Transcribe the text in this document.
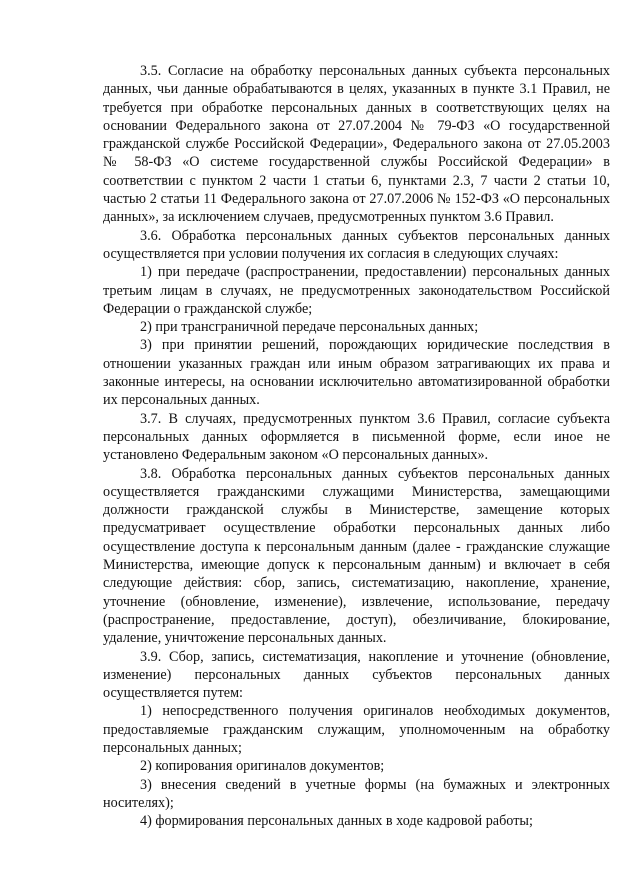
3.5. Согласие на обработку персональных данных субъекта персональных данных, чьи данные обрабатываются в целях, указанных в пункте 3.1 Правил, не требуется при обработке персональных данных в соответствующих целях на основании Федерального закона от 27.07.2004 № 79-ФЗ «О государственной гражданской службе Российской Федерации», Федерального закона от 27.05.2003 № 58-ФЗ «О системе государственной службы Российской Федерации» в соответствии с пунктом 2 части 1 статьи 6, пунктами 2.3, 7 части 2 статьи 10, частью 2 статьи 11 Федерального закона от 27.07.2006 № 152-ФЗ «О персональных данных», за исключением случаев, предусмотренных пунктом 3.6 Правил.

3.6. Обработка персональных данных субъектов персональных данных осуществляется при условии получения их согласия в следующих случаях:

1) при передаче (распространении, предоставлении) персональных данных третьим лицам в случаях, не предусмотренных законодательством Российской Федерации о гражданской службе;

2) при трансграничной передаче персональных данных;

3) при принятии решений, порождающих юридические последствия в отношении указанных граждан или иным образом затрагивающих их права и законные интересы, на основании исключительно автоматизированной обработки их персональных данных.

3.7. В случаях, предусмотренных пунктом 3.6 Правил, согласие субъекта персональных данных оформляется в письменной форме, если иное не установлено Федеральным законом «О персональных данных».

3.8. Обработка персональных данных субъектов персональных данных осуществляется гражданскими служащими Министерства, замещающими должности гражданской службы в Министерстве, замещение которых предусматривает осуществление обработки персональных данных либо осуществление доступа к персональным данным (далее - гражданские служащие Министерства, имеющие допуск к персональным данным) и включает в себя следующие действия: сбор, запись, систематизацию, накопление, хранение, уточнение (обновление, изменение), извлечение, использование, передачу (распространение, предоставление, доступ), обезличивание, блокирование, удаление, уничтожение персональных данных.

3.9. Сбор, запись, систематизация, накопление и уточнение (обновление, изменение) персональных данных субъектов персональных данных осуществляется путем:

1) непосредственного получения оригиналов необходимых документов, предоставляемые гражданским служащим, уполномоченным на обработку персональных данных;

2) копирования оригиналов документов;

3) внесения сведений в учетные формы (на бумажных и электронных носителях);

4) формирования персональных данных в ходе кадровой работы;
